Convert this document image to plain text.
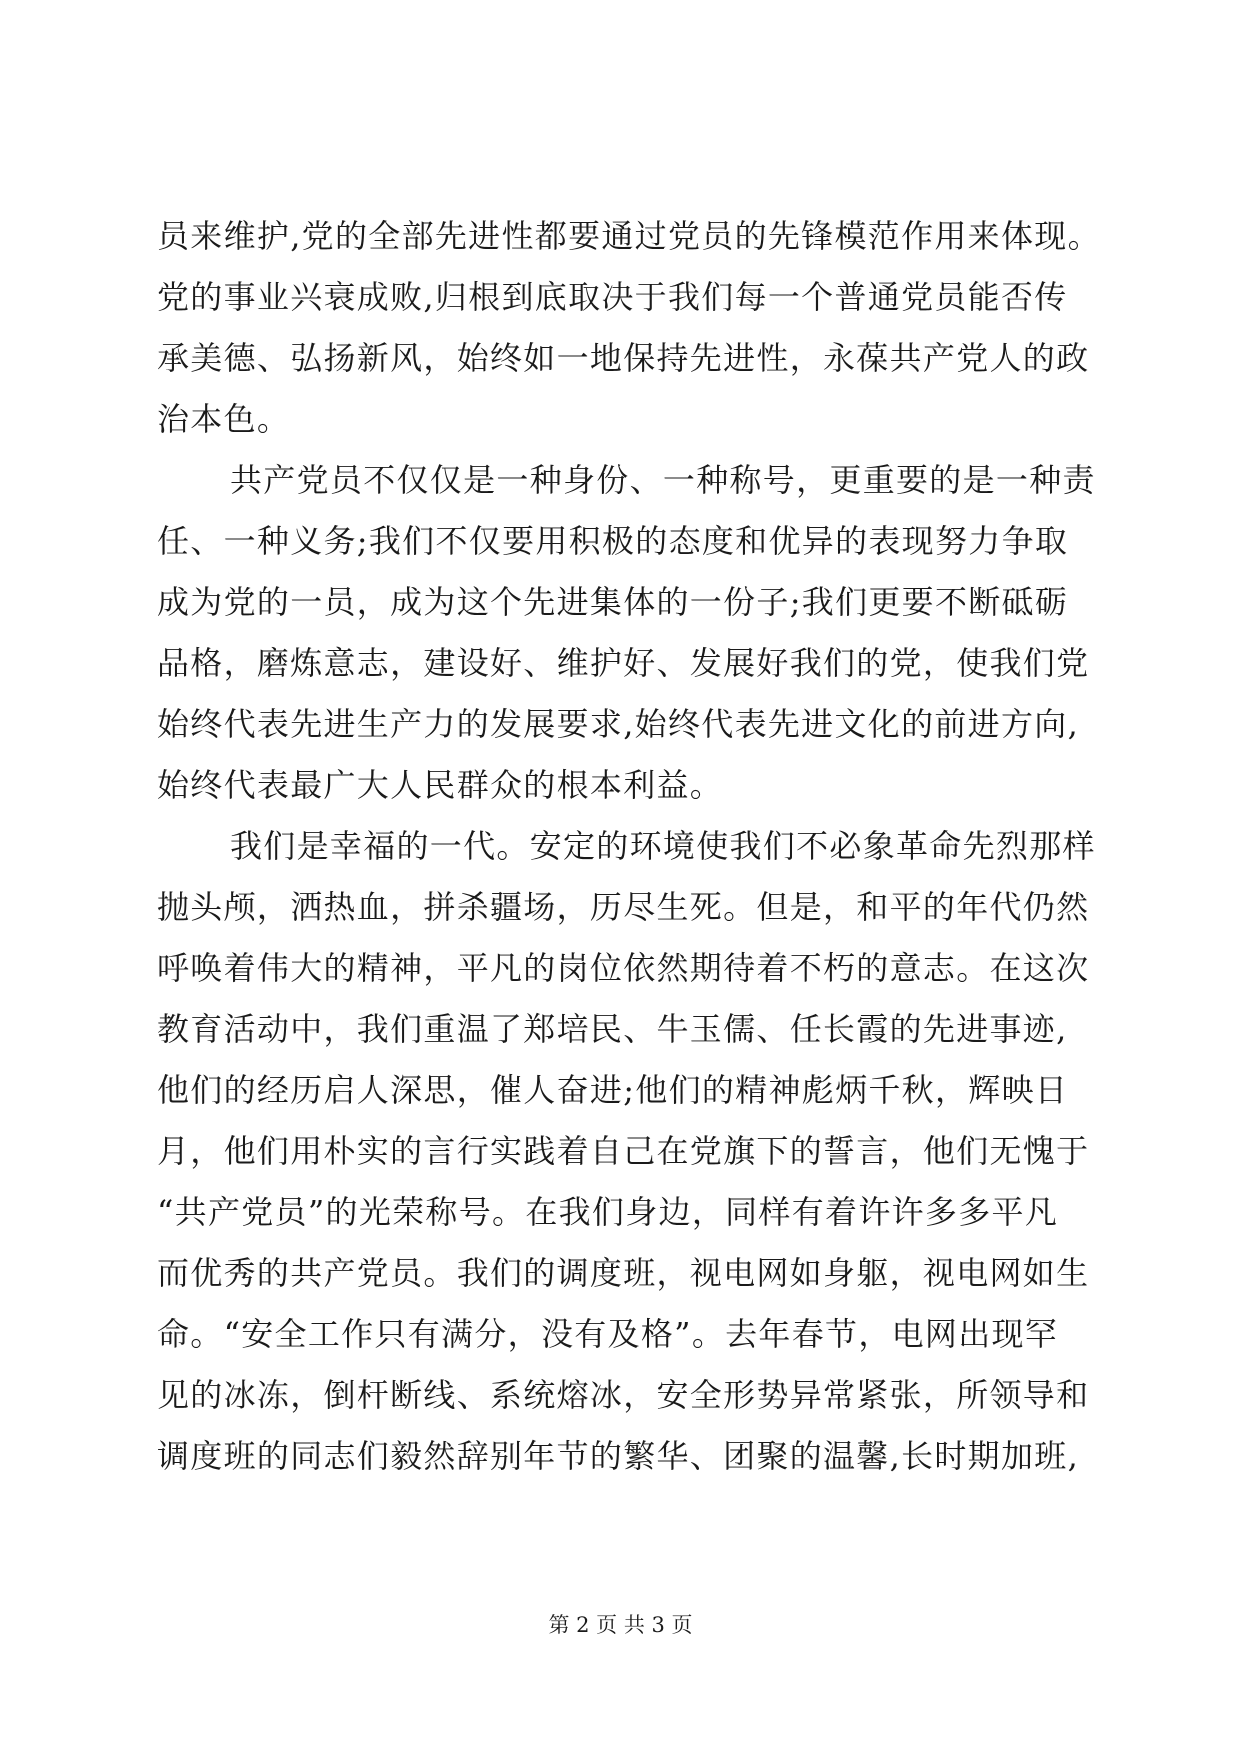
员来维护,党的全部先进性都要通过党员的先锋模范作用来体现。
党的事业兴衰成败,归根到底取决于我们每一个普通党员能否传
承美德、弘扬新风，始终如一地保持先进性，永葆共产党人的政
治本色。
共产党员不仅仅是一种身份、一种称号，更重要的是一种责
任、一种义务;我们不仅要用积极的态度和优异的表现努力争取
成为党的一员，成为这个先进集体的一份子;我们更要不断砥砺
品格，磨炼意志，建设好、维护好、发展好我们的党，使我们党
始终代表先进生产力的发展要求,始终代表先进文化的前进方向,
始终代表最广大人民群众的根本利益。
我们是幸福的一代。安定的环境使我们不必象革命先烈那样
抛头颅，洒热血，拼杀疆场，历尽生死。但是，和平的年代仍然
呼唤着伟大的精神，平凡的岗位依然期待着不朽的意志。在这次
教育活动中，我们重温了郑培民、牛玉儒、任长霞的先进事迹,
他们的经历启人深思，催人奋进;他们的精神彪炳千秋，辉映日
月，他们用朴实的言行实践着自己在党旗下的誓言，他们无愧于
“共产党员”的光荣称号。在我们身边，同样有着许许多多平凡
而优秀的共产党员。我们的调度班，视电网如身躯，视电网如生
命。“安全工作只有满分，没有及格”。去年春节，电网出现罕
见的冰冻，倒杆断线、系统熔冰，安全形势异常紧张，所领导和
调度班的同志们毅然辞别年节的繁华、团聚的温馨,长时期加班,
第 2 页 共 3 页
